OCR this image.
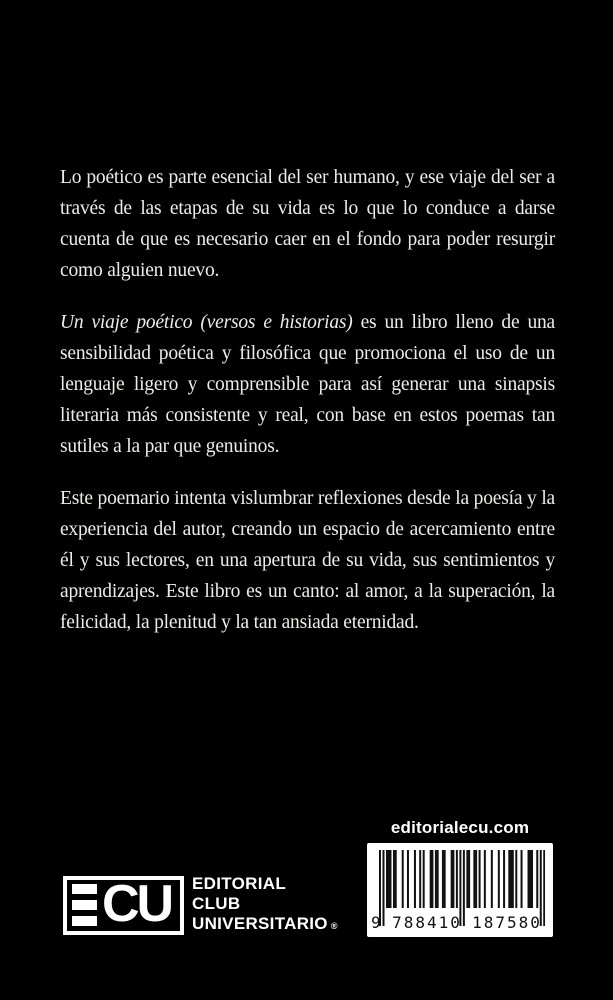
Lo poético es parte esencial del ser humano, y ese viaje del ser a través de las etapas de su vida es lo que lo conduce a darse cuenta de que es necesario caer en el fondo para poder resurgir como alguien nuevo.

Un viaje poético (versos e historias) es un libro lleno de una sensibilidad poética y filosófica que promociona el uso de un lenguaje ligero y comprensible para así generar una sinapsis literaria más consistente y real, con base en estos poemas tan sutiles a la par que genuinos.

Este poemario intenta vislumbrar reflexiones desde la poesía y la experiencia del autor, creando un espacio de acercamiento entre él y sus lectores, en una apertura de su vida, sus sentimientos y aprendizajes. Este libro es un canto: al amor, a la superación, la felicidad, la plenitud y la tan ansiada eternidad.

editorialecu.com
9 788410 187580
CU EDITORIAL
CLUB
UNIVERSITARIO ®
